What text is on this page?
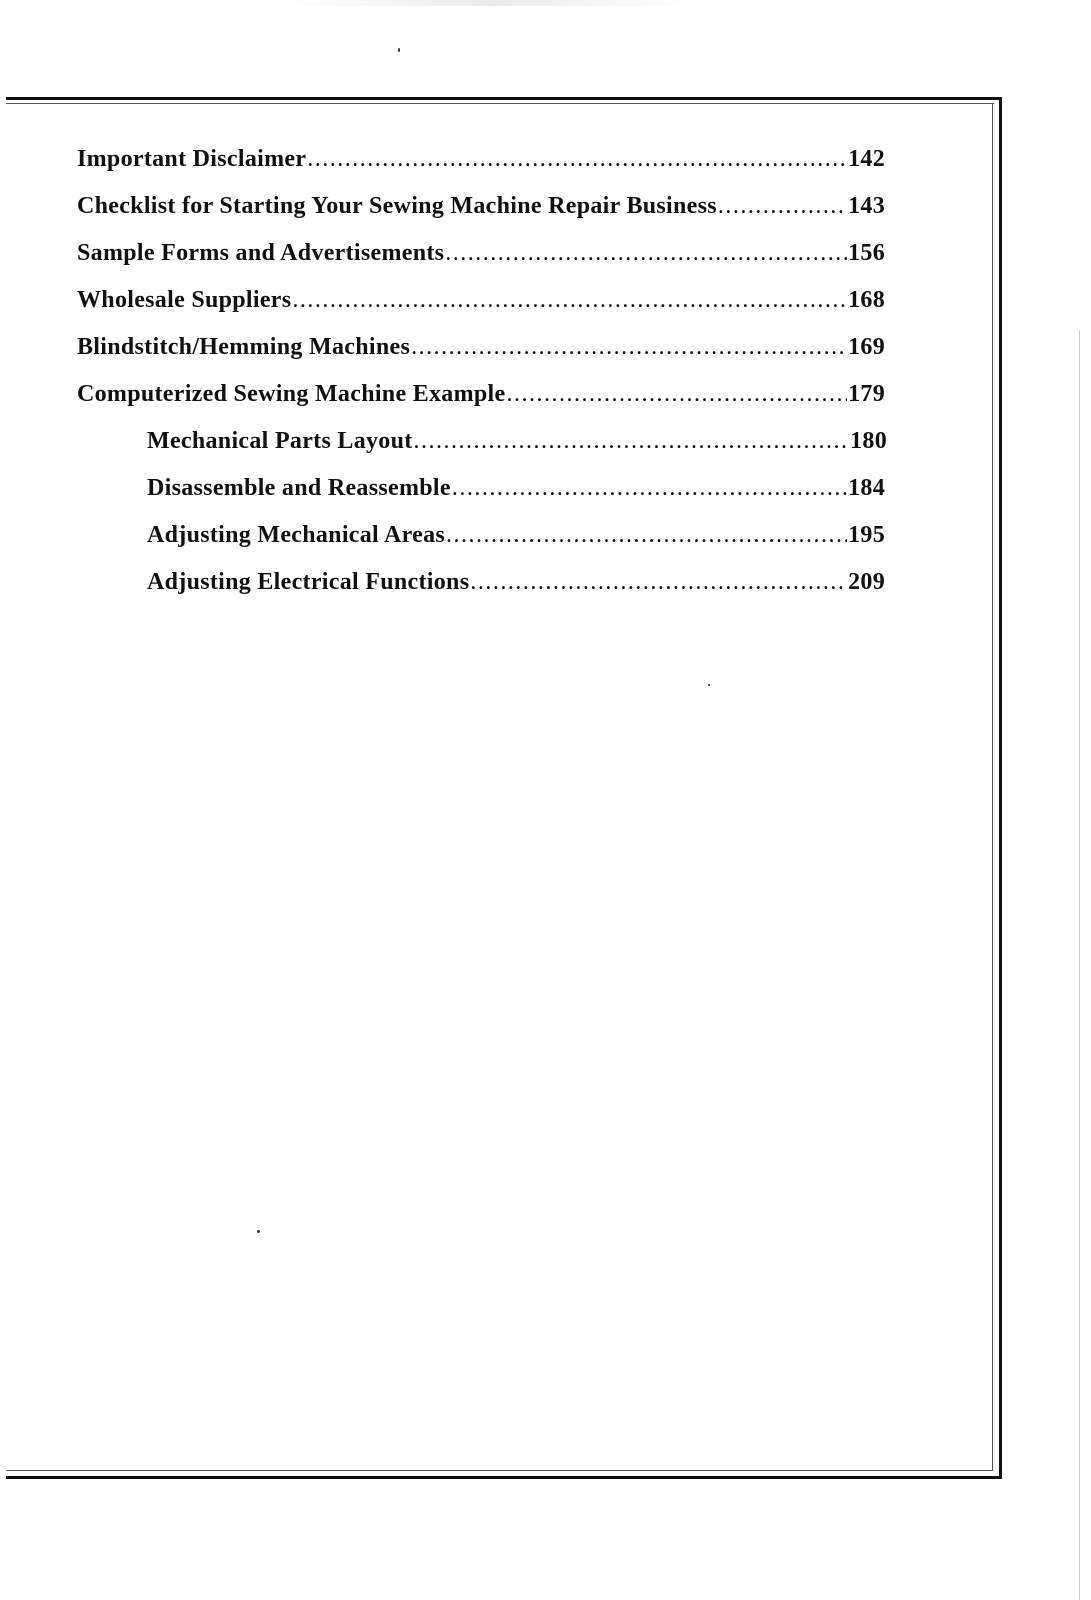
Important Disclaimer .....	142
Checklist for Starting Your Sewing Machine Repair Business .....	143
Sample Forms and Advertisements .....	156
Wholesale Suppliers .....	168
Blindstitch/Hemming Machines .....	169
Computerized Sewing Machine Example .....	179
Mechanical Parts Layout .....	180
Disassemble and Reassemble .....	184
Adjusting Mechanical Areas .....	195
Adjusting Electrical Functions .....	209
